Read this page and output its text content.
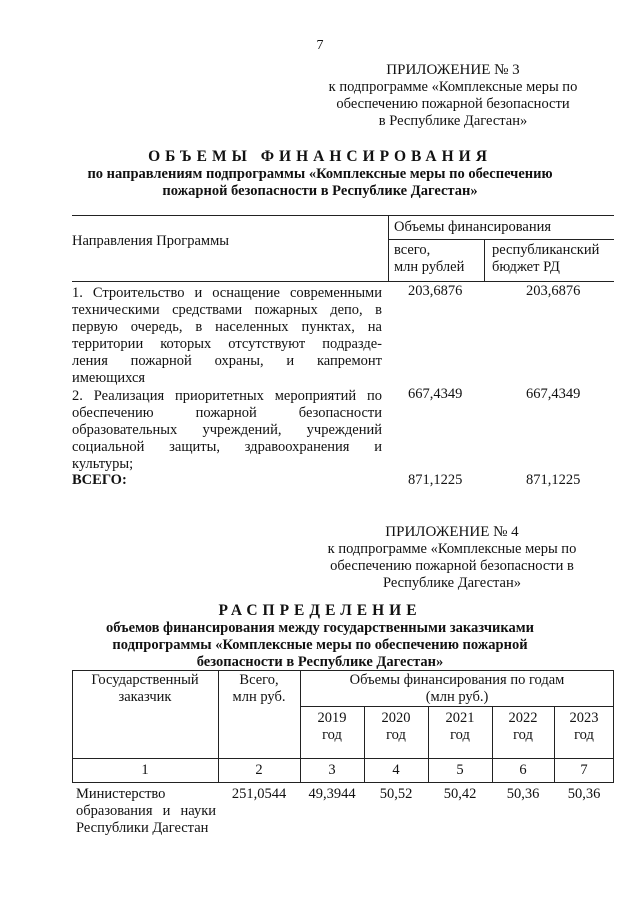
7
ПРИЛОЖЕНИЕ № 3
к подпрограмме «Комплексные меры по
обеспечению пожарной безопасности
в Республике Дагестан»
ОБЪЕМЫ ФИНАНСИРОВАНИЯ
по направлениям подпрограммы «Комплексные меры по обеспечению
пожарной безопасности в Республике Дагестан»
Направления Программы
Объемы финансирования
всего,
млн рублей
республиканский
бюджет РД
1. Строительство и оснащение современными
техническими средствами пожарных депо, в
первую очередь, в населенных пунктах, на
территории которых отсутствуют подразде-
ления пожарной охраны, и капремонт
имеющихся
203,6876	203,6876
2. Реализация приоритетных мероприятий по
обеспечению пожарной безопасности
образовательных учреждений, учреждений
социальной защиты, здравоохранения и
культуры;
667,4349	667,4349
ВСЕГО:	871,1225	871,1225
ПРИЛОЖЕНИЕ № 4
к подпрограмме «Комплексные меры по
обеспечению пожарной безопасности в
Республике Дагестан»
РАСПРЕДЕЛЕНИЕ
объемов финансирования между государственными заказчиками
подпрограммы «Комплексные меры по обеспечению пожарной
безопасности в Республике Дагестан»
Государственный
заказчик
Всего,
млн руб.
Объемы финансирования по годам
(млн руб.)
2019
год
2020
год
2021
год
2022
год
2023
год
1	2	3	4	5	6	7
Министерство
образования и науки
Республики Дагестан
251,0544	49,3944	50,52	50,42	50,36	50,36
